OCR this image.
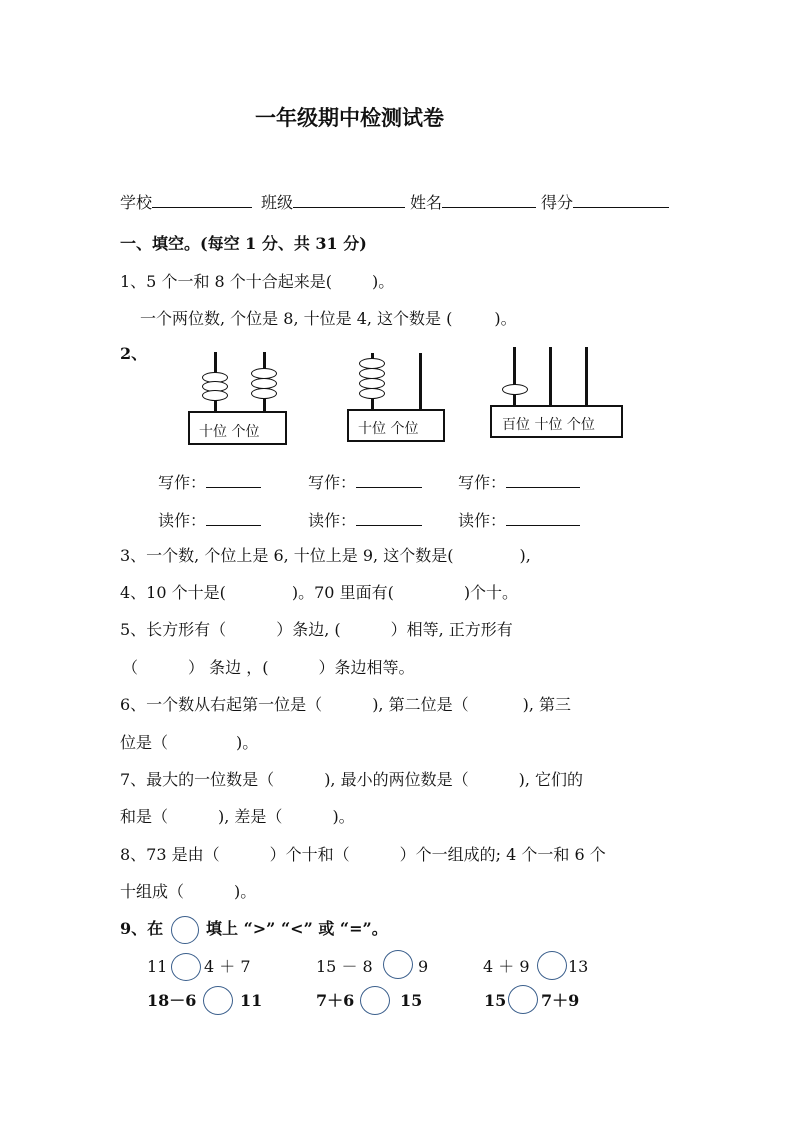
一年级期中检测试卷
学校	班级	姓名	得分
一、填空。(每空 1 分、共 31 分)
1、5 个一和 8 个十合起来是(	)。
一个两位数, 个位是 8, 十位是 4, 这个数是 (	)。
2、
十位 个位	十位 个位	百位 十位 个位
写作：	写作：	写作：
读作：	读作：	读作：
3、一个数, 个位上是 6, 十位上是 9, 这个数是(	),
4、10 个十是(	)。70 里面有(	)个十。
5、长方形有（	）条边, (	）相等, 正方形有
（	） 条边 ，(	）条边相等。
6、一个数从右起第一位是（	), 第二位是（	), 第三
位是（	)。
7、最大的一位数是（	), 最小的两位数是（	), 它们的
和是（	), 差是（	)。
8、73 是由（	）个十和（	）个一组成的; 4 个一和 6 个
十组成（	)。
9、在	填上 “>” “<” 或 “=”。
11 4 ＋ 7	15 － 8	9	4 ＋ 9 13
18－6	11	7＋6	15	15 7＋9
